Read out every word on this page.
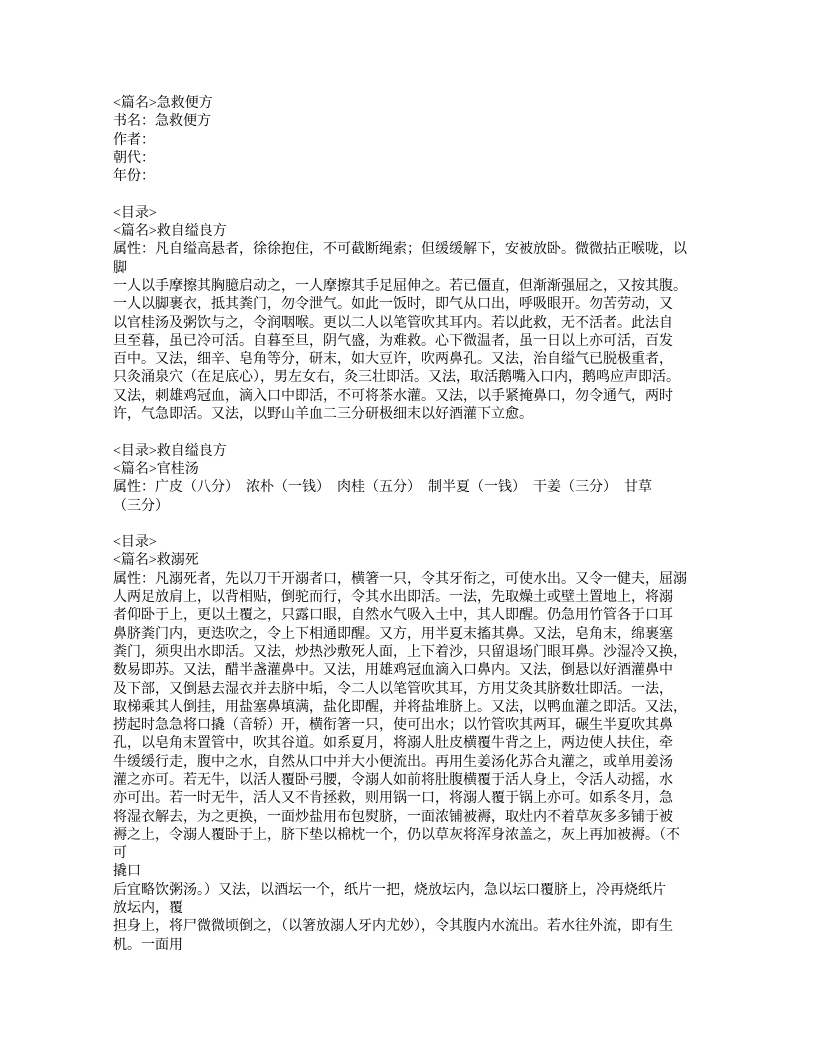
<篇名>急救便方
书名：急救便方
作者：
朝代：
年份：
<目录>
<篇名>救自缢良方
属性：凡自缢高悬者，徐徐抱住，不可截断绳索；但缓缓解下，安被放卧。微微拈正喉咙，以
脚
一人以手摩擦其胸臆启动之，一人摩擦其手足屈伸之。若已僵直，但渐渐强屈之，又按其腹。
一人以脚裹衣，抵其粪门，勿令泄气。如此一饭时，即气从口出，呼吸眼开。勿苦劳动，又
以官桂汤及粥饮与之，令润咽喉。更以二人以笔管吹其耳内。若以此救，无不活者。此法自
旦至暮，虽已冷可活。自暮至旦，阴气盛，为难救。心下微温者，虽一日以上亦可活，百发
百中。又法，细辛、皂角等分，研末，如大豆许，吹两鼻孔。又法，治自缢气已脱极重者，
只灸涌泉穴（在足底心），男左女右，灸三壮即活。又法，取活鹅嘴入口内，鹅鸣应声即活。
又法，刺雄鸡冠血，滴入口中即活，不可将茶水灌。又法，以手紧掩鼻口，勿令通气，两时
许，气急即活。又法，以野山羊血二三分研极细末以好酒灌下立愈。
<目录>救自缢良方
<篇名>官桂汤
属性：广皮（八分）　浓朴（一钱）　肉桂（五分）　制半夏（一钱）　干姜（三分）　甘草
（三分）
<目录>
<篇名>救溺死
属性：凡溺死者，先以刀干开溺者口，横箸一只，令其牙衔之，可使水出。又令一健夫，屈溺
人两足放肩上，以背相贴，倒驼而行，令其水出即活。一法，先取燥土或壁土置地上，将溺
者仰卧于上，更以土覆之，只露口眼，自然水气吸入土中，其人即醒。仍急用竹管各于口耳
鼻脐粪门内，更迭吹之，令上下相通即醒。又方，用半夏末搐其鼻。又法，皂角末，绵裹塞
粪门，须臾出水即活。又法，炒热沙敷死人面，上下着沙，只留退场门眼耳鼻。沙湿冷又换，
数易即苏。又法，醋半盏灌鼻中。又法，用雄鸡冠血滴入口鼻内。又法，倒悬以好酒灌鼻中
及下部，又倒悬去湿衣并去脐中垢，令二人以笔管吹其耳，方用艾灸其脐数壮即活。一法，
取梯乘其人倒挂，用盐塞鼻填满，盐化即醒，并将盐堆脐上。又法，以鸭血灌之即活。又法，
捞起时急急将口撬（音轿）开，横衔箸一只，使可出水；以竹管吹其两耳，碾生半夏吹其鼻
孔，以皂角末置管中，吹其谷道。如系夏月，将溺人肚皮横覆牛背之上，两边使人扶住，牵
牛缓缓行走，腹中之水，自然从口中并大小便流出。再用生姜汤化苏合丸灌之，或单用姜汤
灌之亦可。若无牛，以活人覆卧弓腰，令溺人如前将肚腹横覆于活人身上，令活人动摇，水
亦可出。若一时无牛，活人又不肯拯救，则用锅一口，将溺人覆于锅上亦可。如系冬月，急
将湿衣解去，为之更换，一面炒盐用布包熨脐，一面浓铺被褥，取灶内不着草灰多多铺于被
褥之上，令溺人覆卧于上，脐下垫以棉枕一个，仍以草灰将浑身浓盖之，灰上再加被褥。（不
可
撬口
后宜略饮粥汤。）又法，以酒坛一个，纸片一把，烧放坛内，急以坛口覆脐上，冷再烧纸片
放坛内，覆
担身上，将尸微微顷倒之，（以箸放溺人牙内尤妙），令其腹内水流出。若水往外流，即有生
机。一面用
